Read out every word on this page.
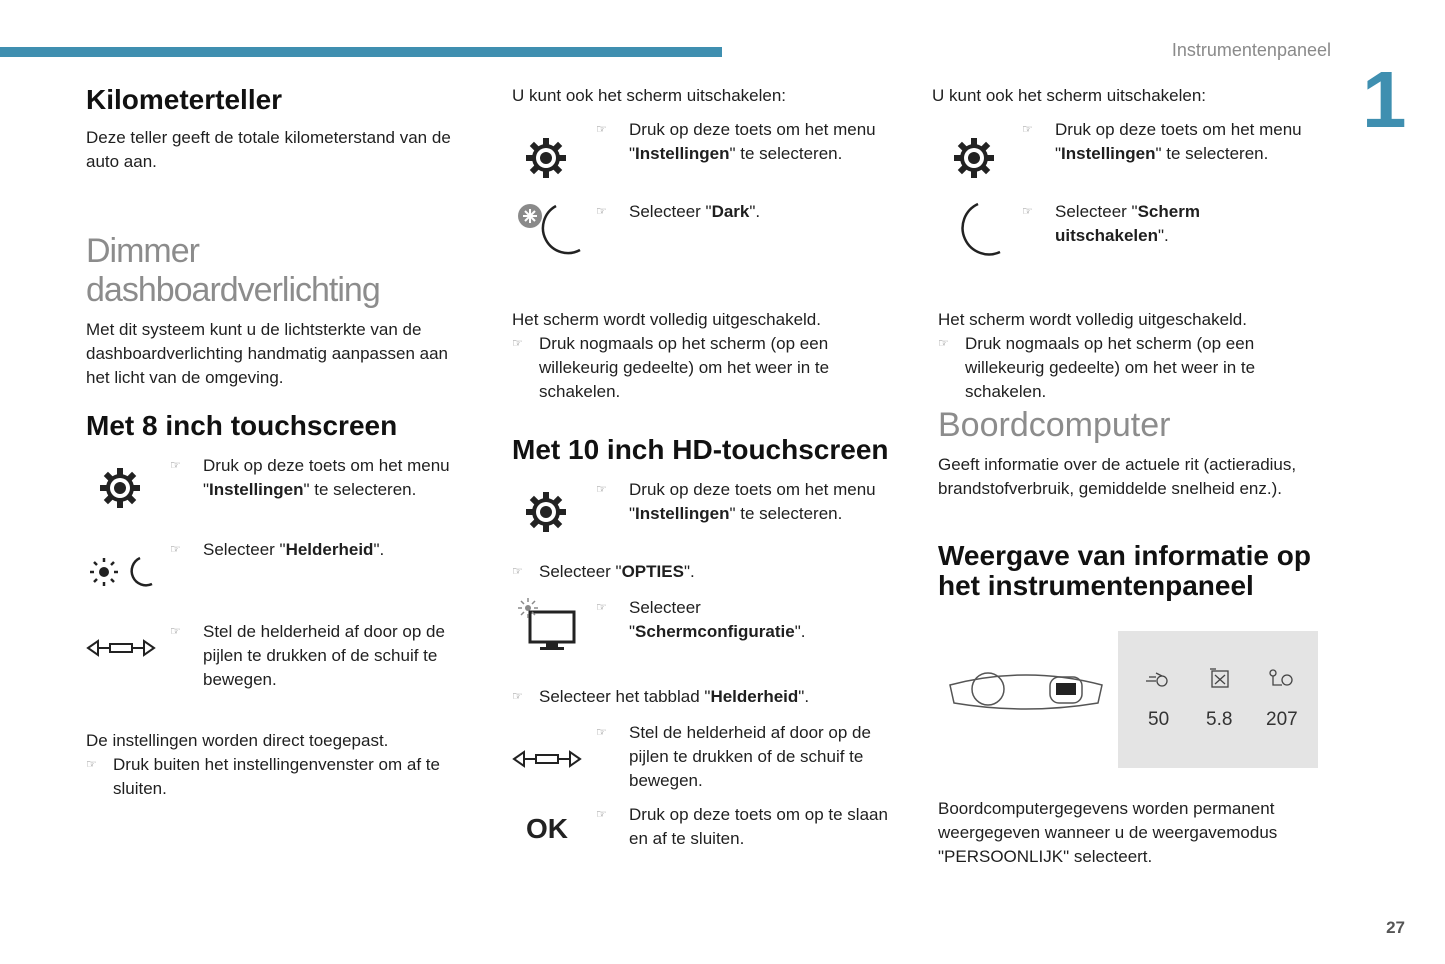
Instrumentenpaneel
1
27
Kilometerteller

Deze teller geeft de totale kilometerstand van de auto aan.

Dimmer dashboardverlichting

Met dit systeem kunt u de lichtsterkte van de dashboardverlichting handmatig aanpassen aan het licht van de omgeving.

Met 8 inch touchscreen
☞ Druk op deze toets om het menu
"Instellingen" te selecteren.
☞ Selecteer "Helderheid".
☞ Stel de helderheid af door op de pijlen te drukken of de schuif te bewegen.

De instellingen worden direct toegepast.

☞ Druk buiten het instellingenvenster om af te sluiten.

U kunt ook het scherm uitschakelen:

☞ Druk op deze toets om het menu
"Instellingen" te selecteren.
☞ Selecteer "Dark".

Het scherm wordt volledig uitgeschakeld.

☞ Druk nogmaals op het scherm (op een willekeurig gedeelte) om het weer in te schakelen.
Met 10 inch HD-touchscreen
☞ Druk op deze toets om het menu
"Instellingen" te selecteren.
☞ Selecteer "OPTIES".
☞ Selecteer
"Schermconfiguratie".
☞ Selecteer het tabblad "Helderheid".
☞ Stel de helderheid af door op de pijlen te drukken of de schuif te bewegen.
OK ☞ Druk op deze toets om op te slaan en af te sluiten.

U kunt ook het scherm uitschakelen:

☞ Druk op deze toets om het menu
"Instellingen" te selecteren.
☞ Selecteer "Scherm
uitschakelen".

Het scherm wordt volledig uitgeschakeld.

☞ Druk nogmaals op het scherm (op een willekeurig gedeelte) om het weer in te schakelen.
Boordcomputer

Geeft informatie over de actuele rit (actieradius, brandstofverbruik, gemiddelde snelheid enz.).

Weergave van informatie op het instrumentenpaneel
50 5.8 207

Boordcomputergegevens worden permanent weergegeven wanneer u de weergavemodus "PERSOONLIJK" selecteert.
